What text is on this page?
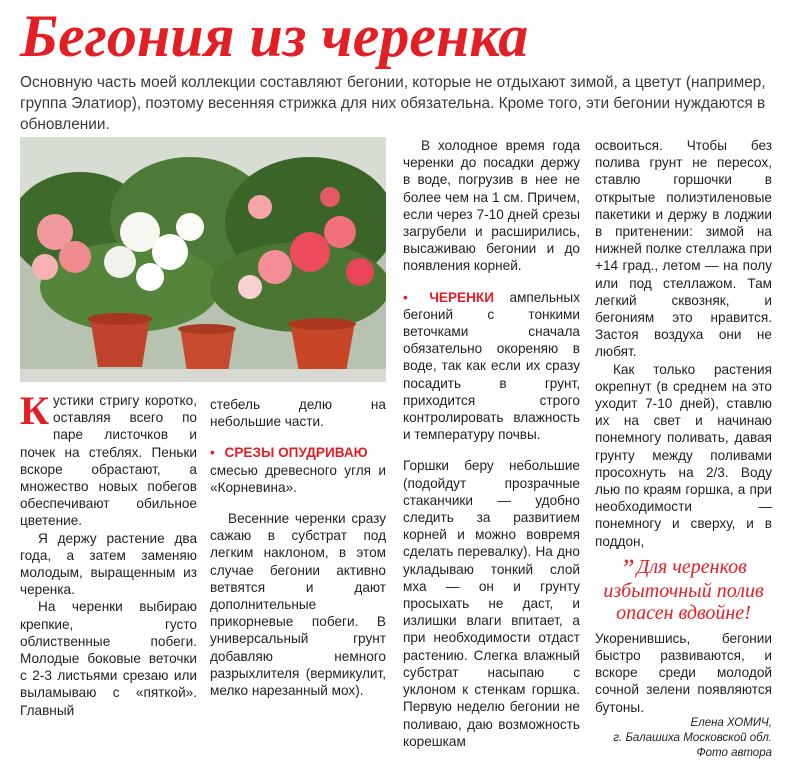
Бегония из черенка

Основную часть моей коллекции составляют бегонии, которые не отдыхают зимой, а цветут (например, группа Элатиор), поэтому весенняя стрижка для них обязательна. Кроме того, эти бегонии нуждаются в обновлении.

Кустики стригу коротко, оставляя всего по паре листочков и почек на стеблях. Пеньки вскоре обрастают, а множество новых побегов обеспечивают обильное цветение.

Я держу растение два года, а затем заменяю молодым, выращенным из черенка.

На черенки выбираю крепкие, густо облиственные побеги. Молодые боковые веточки с 2-3 листьями срезаю или выламываю с «пяткой». Главный

стебель делю на небольшие части.

• СРЕЗЫ ОПУДРИВАЮ
смесью древесного угля и «Корневина».

Весенние черенки сразу сажаю в субстрат под легким наклоном, в этом случае бегонии активно ветвятся и дают дополнительные прикорневые побеги. В универсальный грунт добавляю немного разрыхлителя (вермикулит, мелко нарезанный мох).

В холодное время года черенки до посадки держу в воде, погрузив в нее не более чем на 1 см. Причем, если через 7-10 дней срезы загрубели и расширились, высаживаю бегонии и до появления корней.

• ЧЕРЕНКИ ампельных бегоний с тонкими веточками сначала обязательно окореняю в воде, так как если их сразу посадить в грунт, приходится строго контролировать влажность и температуру почвы.

Горшки беру небольшие (подойдут прозрачные стаканчики — удобно следить за развитием корней и можно вовремя сделать перевалку). На дно укладываю тонкий слой мха — он и грунту просыхать не даст, и излишки влаги впитает, а при необходимости отдаст растению. Слегка влажный субстрат насыпаю с уклоном к стенкам горшка. Первую неделю бегонии не поливаю, даю возможность корешкам

освоиться. Чтобы без полива грунт не пересох, ставлю горшочки в открытые полиэтиленовые пакетики и держу в лоджии в притенении: зимой на нижней полке стеллажа при +14 град., летом — на полу или под стеллажом. Там легкий сквозняк, и бегониям это нравится. Застоя воздуха они не любят.

Как только растения окрепнут (в среднем на это уходит 7-10 дней), ставлю их на свет и начинаю понемногу поливать, давая грунту между поливами просохнуть на 2/3. Воду лью по краям горшка, а при необходимости — понемногу и сверху, и в поддон,

” Для черенков избыточный полив опасен вдвойне!

Укоренившись, бегонии быстро развиваются, и вскоре среди молодой сочной зелени появляются бутоны.

Елена ХОМИЧ,
г. Балашиха Московской обл.
Фото автора
